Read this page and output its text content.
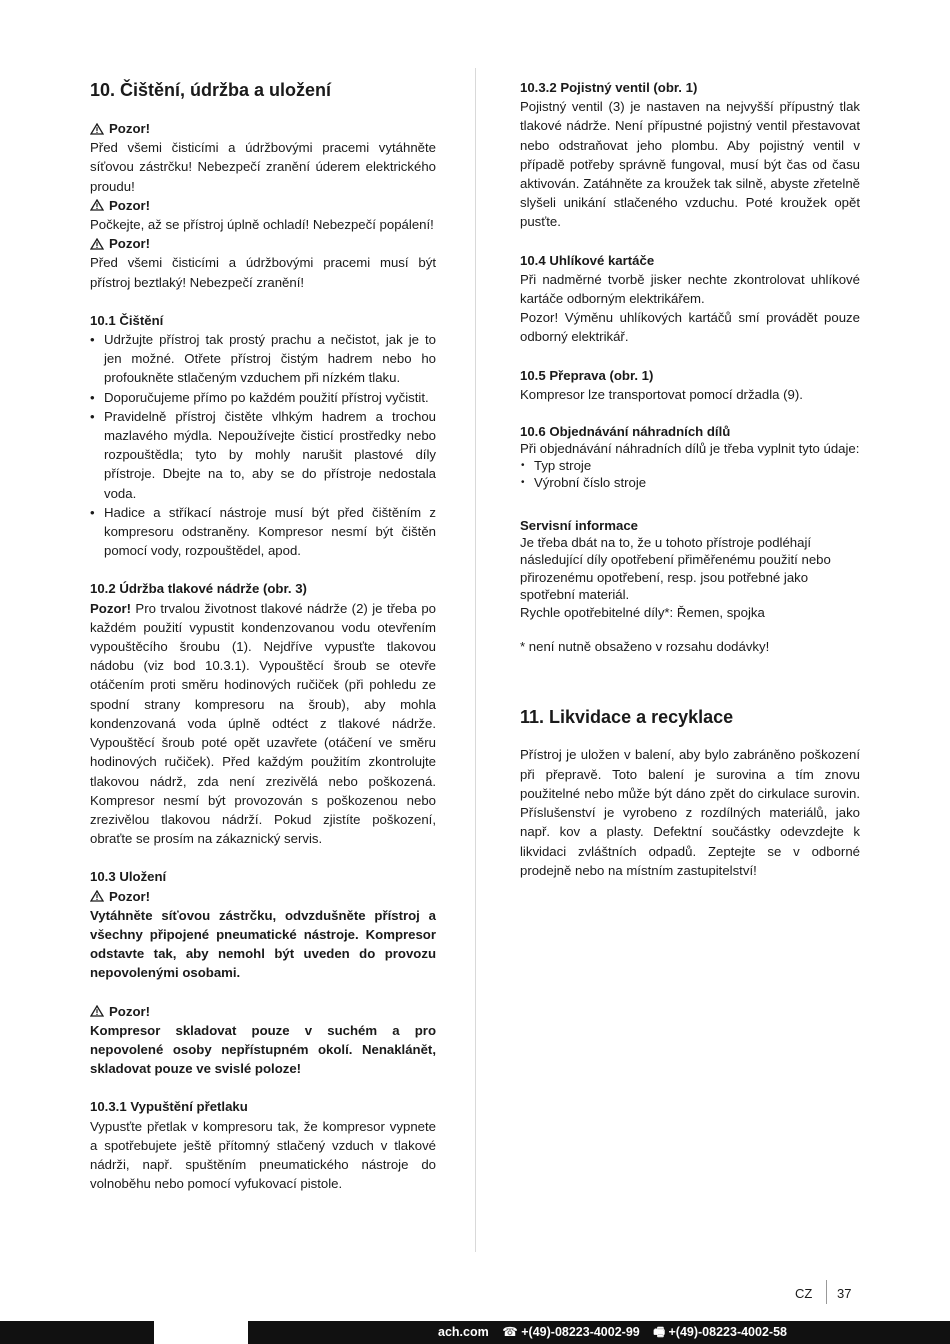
10. Čištění, údržba a uložení
Pozor!

Před všemi čisticími a údržbovými pracemi vytáhněte síťovou zástrčku! Nebezpečí zranění úderem elektrického proudu!

Pozor!

Počkejte, až se přístroj úplně ochladí! Nebezpečí popálení!

Pozor!

Před všemi čisticími a údržbovými pracemi musí být přístroj beztlaký! Nebezpečí zranění!

10.1 Čištění
• Udržujte přístroj tak prostý prachu a nečistot, jak je to jen možné. Otřete přístroj čistým hadrem nebo ho profoukněte stlačeným vzduchem při nízkém tlaku.
• Doporučujeme přímo po každém použití přístroj vyčistit.
• Pravidelně přístroj čistěte vlhkým hadrem a trochou mazlavého mýdla. Nepoužívejte čisticí prostředky nebo rozpouštědla; tyto by mohly narušit plastové díly přístroje. Dbejte na to, aby se do přístroje nedostala voda.
• Hadice a stříkací nástroje musí být před čištěním z kompresoru odstraněny. Kompresor nesmí být čištěn pomocí vody, rozpouštědel, apod.
10.2 Údržba tlakové nádrže (obr. 3)

Pozor! Pro trvalou životnost tlakové nádrže (2) je třeba po každém použití vypustit kondenzovanou vodu otevřením vypouštěcího šroubu (1). Nejdříve vypusťte tlakovou nádobu (viz bod 10.3.1). Vypouštěcí šroub se otevře otáčením proti směru hodinových ručiček (při pohledu ze spodní strany kompresoru na šroub), aby mohla kondenzovaná voda úplně odtéct z tlakové nádrže. Vypouštěcí šroub poté opět uzavřete (otáčení ve směru hodinových ručiček). Před každým použitím zkontrolujte tlakovou nádrž, zda není zrezivělá nebo poškozená. Kompresor nesmí být provozován s poškozenou nebo zrezivělou tlakovou nádrží. Pokud zjistíte poškození, obraťte se prosím na zákaznický servis.

10.3 Uložení
Pozor!

Vytáhněte síťovou zástrčku, odvzdušněte přístroj a všechny připojené pneumatické nástroje. Kompresor odstavte tak, aby nemohl být uveden do provozu nepovolenými osobami.

Pozor!

Kompresor skladovat pouze v suchém a pro nepovolené osoby nepřístupném okolí. Nenaklánět, skladovat pouze ve svislé poloze!

10.3.1 Vypuštění přetlaku

Vypusťte přetlak v kompresoru tak, že kompresor vypnete a spotřebujete ještě přítomný stlačený vzduch v tlakové nádrži, např. spuštěním pneumatického nástroje do volnoběhu nebo pomocí vyfukovací pistole.

10.3.2 Pojistný ventil (obr. 1)

Pojistný ventil (3) je nastaven na nejvyšší přípustný tlak tlakové nádrže. Není přípustné pojistný ventil přestavovat nebo odstraňovat jeho plombu. Aby pojistný ventil v případě potřeby správně fungoval, musí být čas od času aktivován. Zatáhněte za kroužek tak silně, abyste zřetelně slyšeli unikání stlačeného vzduchu. Poté kroužek opět pusťte.

10.4 Uhlíkové kartáče

Při nadměrné tvorbě jisker nechte zkontrolovat uhlíkové kartáče odborným elektrikářem.

Pozor! Výměnu uhlíkových kartáčů smí provádět pouze odborný elektrikář.

10.5 Přeprava (obr. 1)

Kompresor lze transportovat pomocí držadla (9).

10.6 Objednávání náhradních dílů

Při objednávání náhradních dílů je třeba vyplnit tyto údaje:

• Typ stroje
• Výrobní číslo stroje
Servisní informace

Je třeba dbát na to, že u tohoto přístroje podléhají následující díly opotřebení přiměřenému použití nebo přirozenému opotřebení, resp. jsou potřebné jako spotřební materiál.

Rychle opotřebitelné díly*: Řemen, spojka

* není nutně obsaženo v rozsahu dodávky!

11. Likvidace a recyklace

Přístroj je uložen v balení, aby bylo zabráněno poškození při přepravě. Toto balení je surovina a tím znovu použitelné nebo může být dáno zpět do cirkulace surovin. Příslušenství je vyrobeno z rozdílných materiálů, jako např. kov a plasty. Defektní součástky odevzdejte k likvidaci zvláštních odpadů. Zeptejte se v odborné prodejně nebo na místním zastupitelství!

CZ 37
ach.com ☎ +(49)-08223-4002-99 🖷 +(49)-08223-4002-58
